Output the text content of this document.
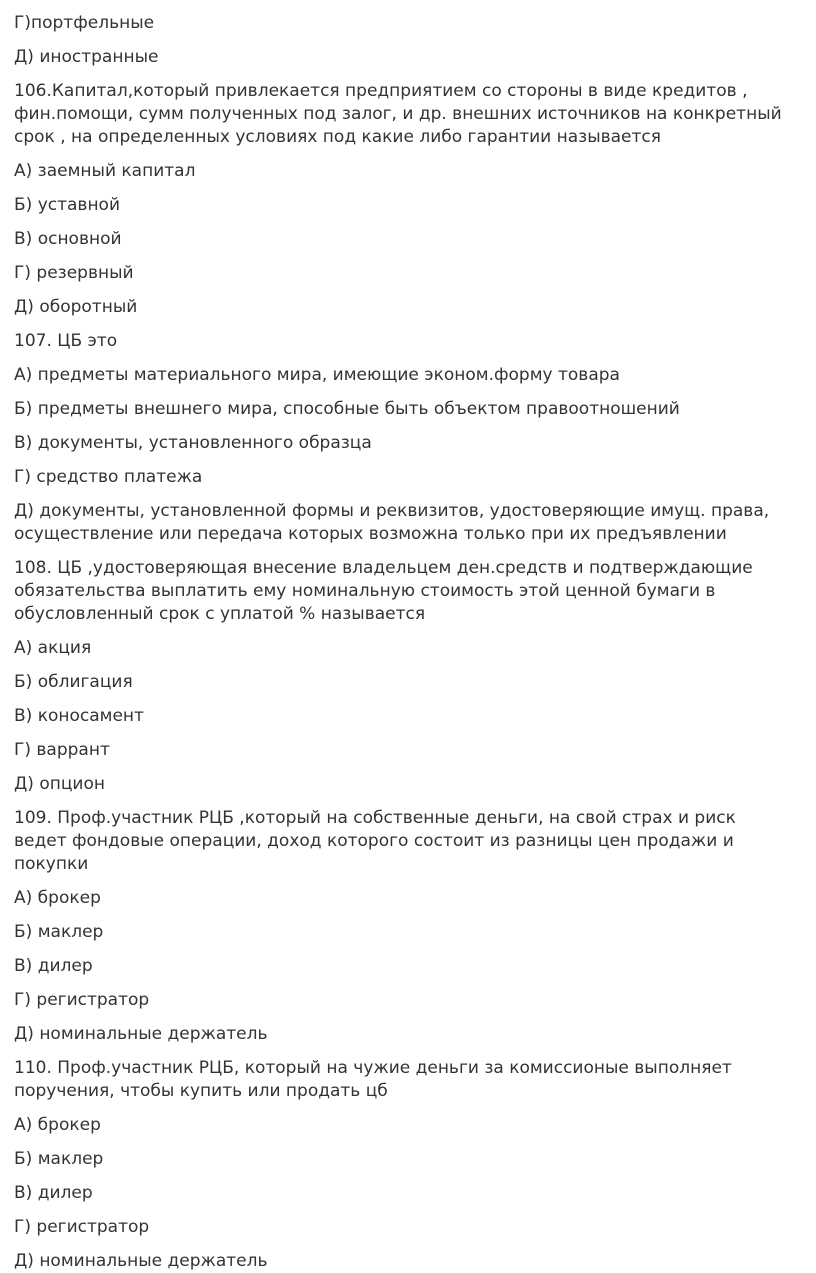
Г)портфельные
Д) иностранные
106.Капитал,который привлекается предприятием со стороны в виде кредитов ,
фин.помощи, сумм полученных под залог, и др. внешних источников на конкретный
срок , на определенных условиях под какие либо гарантии называется
А) заемный капитал
Б) уставной
В) основной
Г) резервный
Д) оборотный
107. ЦБ это
А) предметы материального мира, имеющие эконом.форму товара
Б) предметы внешнего мира, способные быть объектом правоотношений
В) документы, установленного образца
Г) средство платежа
Д) документы, установленной формы и реквизитов, удостоверяющие имущ. права,
осуществление или передача которых возможна только при их предъявлении
108. ЦБ ,удостоверяющая внесение владельцем ден.средств и подтверждающие
обязательства выплатить ему номинальную стоимость этой ценной бумаги в
обусловленный срок с уплатой % называется
А) акция
Б) облигация
В) коносамент
Г) варрант
Д) опцион
109. Проф.участник РЦБ ,который на собственные деньги, на свой страх и риск
ведет фондовые операции, доход которого состоит из разницы цен продажи и
покупки
А) брокер
Б) маклер
В) дилер
Г) регистратор
Д) номинальные держатель
110. Проф.участник РЦБ, который на чужие деньги за комиссионые выполняет
поручения, чтобы купить или продать цб
А) брокер
Б) маклер
В) дилер
Г) регистратор
Д) номинальные держатель
